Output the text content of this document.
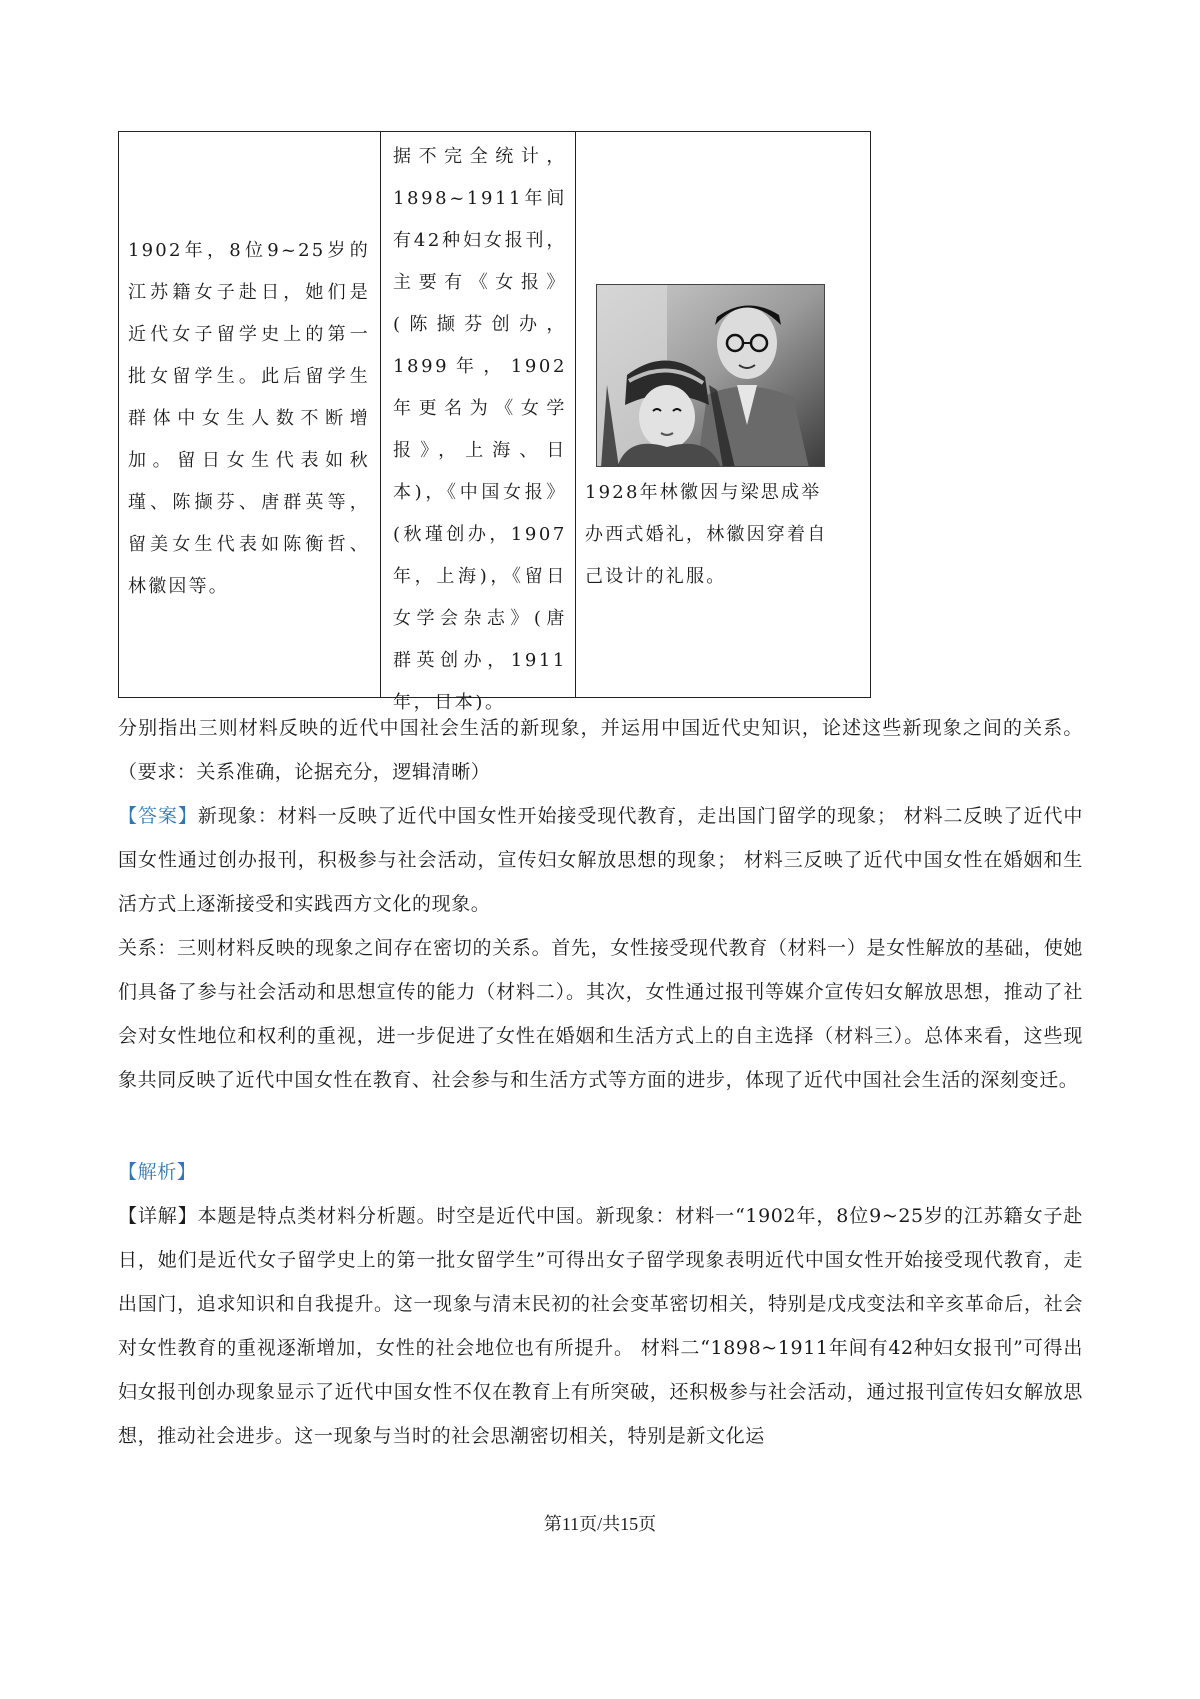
1902年，8位9~25岁的江苏籍女子赴日，她们是近代女子留学史上的第一批女留学生。此后留学生群体中女生人数不断增加。留日女生代表如秋瑾、陈撷芬、唐群英等，留美女生代表如陈衡哲、林徽因等。

据不完全统计，1898~1911年间有42种妇女报刊，主要有《女报》(陈撷芬创办，1899年，1902年更名为《女学报》，上海、日本)，《中国女报》(秋瑾创办，1907年，上海)，《留日女学会杂志》(唐群英创办，1911年，日本)。

1928年林徽因与梁思成举办西式婚礼，林徽因穿着自己设计的礼服。

分别指出三则材料反映的近代中国社会生活的新现象，并运用中国近代史知识，论述这些新现象之间的关系。（要求：关系准确，论据充分，逻辑清晰）

【答案】新现象：材料一反映了近代中国女性开始接受现代教育，走出国门留学的现象； 材料二反映了近代中国女性通过创办报刊，积极参与社会活动，宣传妇女解放思想的现象； 材料三反映了近代中国女性在婚姻和生活方式上逐渐接受和实践西方文化的现象。

关系：三则材料反映的现象之间存在密切的关系。首先，女性接受现代教育（材料一）是女性解放的基础，使她们具备了参与社会活动和思想宣传的能力（材料二）。其次，女性通过报刊等媒介宣传妇女解放思想，推动了社会对女性地位和权利的重视，进一步促进了女性在婚姻和生活方式上的自主选择（材料三）。总体来看，这些现象共同反映了近代中国女性在教育、社会参与和生活方式等方面的进步，体现了近代中国社会生活的深刻变迁。

【解析】

【详解】本题是特点类材料分析题。时空是近代中国。新现象：材料一“1902年，8位9~25岁的江苏籍女子赴日，她们是近代女子留学史上的第一批女留学生”可得出女子留学现象表明近代中国女性开始接受现代教育，走出国门，追求知识和自我提升。这一现象与清末民初的社会变革密切相关，特别是戊戌变法和辛亥革命后，社会对女性教育的重视逐渐增加，女性的社会地位也有所提升。 材料二“1898~1911年间有42种妇女报刊”可得出妇女报刊创办现象显示了近代中国女性不仅在教育上有所突破，还积极参与社会活动，通过报刊宣传妇女解放思想，推动社会进步。这一现象与当时的社会思潮密切相关，特别是新文化运

第11页/共15页
